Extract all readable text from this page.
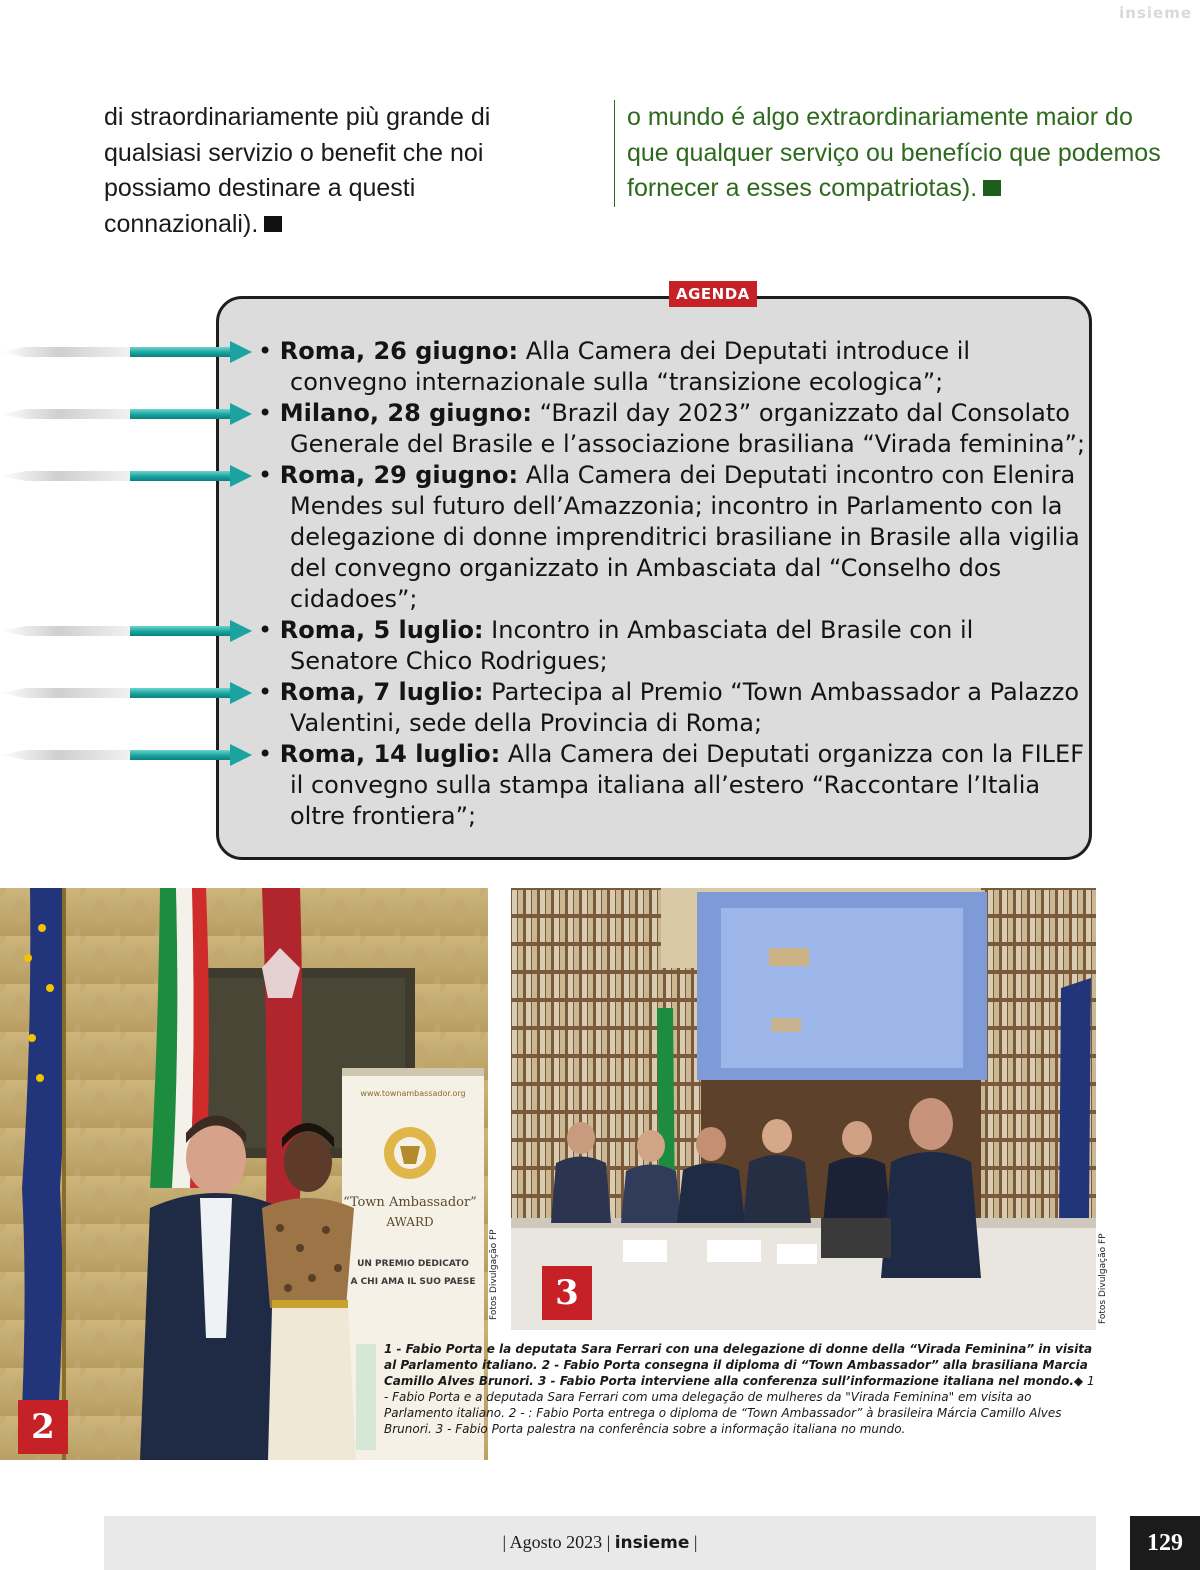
insieme
di straordinariamente più grande di qualsiasi servizio o benefit che noi possiamo destinare a questi connazionali).
o mundo é algo extraordinariamente maior do que qualquer serviço ou benefício que podemos fornecer a esses compatriotas).
AGENDA
• Roma, 26 giugno: Alla Camera dei Deputati introduce il convegno internazionale sulla “transizione ecologica”;
• Milano, 28 giugno: “Brazil day 2023” organizzato dal Consolato Generale del Brasile e l’associazione brasiliana “Virada feminina”;
• Roma, 29 giugno: Alla Camera dei Deputati incontro con Elenira Mendes sul futuro dell’Amazzonia; incontro in Parlamento con la delegazione di donne imprenditrici brasiliane in Brasile alla vigilia del convegno organizzato in Ambasciata dal “Conselho dos cidadoes”;
• Roma, 5 luglio: Incontro in Ambasciata del Brasile con il Senatore Chico Rodrigues;
• Roma, 7 luglio: Partecipa al Premio “Town Ambassador a Palazzo Valentini, sede della Provincia di Roma;
• Roma, 14 luglio: Alla Camera dei Deputati organizza con la FILEF il convegno sulla stampa italiana all’estero “Raccontare l’Italia oltre frontiera”;
www.townambassador.org
“Town Ambassador”
AWARD
UN PREMIO DEDICATO
A CHI AMA IL SUO PAESE Fotos Divulgação FP	3	Fotos Divulgação FP
2
1 - Fabio Porta e la deputata Sara Ferrari con una delegazione di donne della “Virada Feminina” in visita al Parlamento italiano. 2 - Fabio Porta consegna il diploma di “Town Ambassador” alla brasiliana Marcia Camillo Alves Brunori. 3 - Fabio Porta interviene alla conferenza sull’informazione italiana nel mondo.◆ 1 - Fabio Porta e a deputada Sara Ferrari com uma delegação de mulheres da "Virada Feminina" em visita ao Parlamento italiano. 2 - : Fabio Porta entrega o diploma de “Town Ambassador” à brasileira Márcia Camillo Alves Brunori. 3 - Fabio Porta palestra na conferência sobre a informação italiana no mundo.
| Agosto 2023 | insieme |	129
